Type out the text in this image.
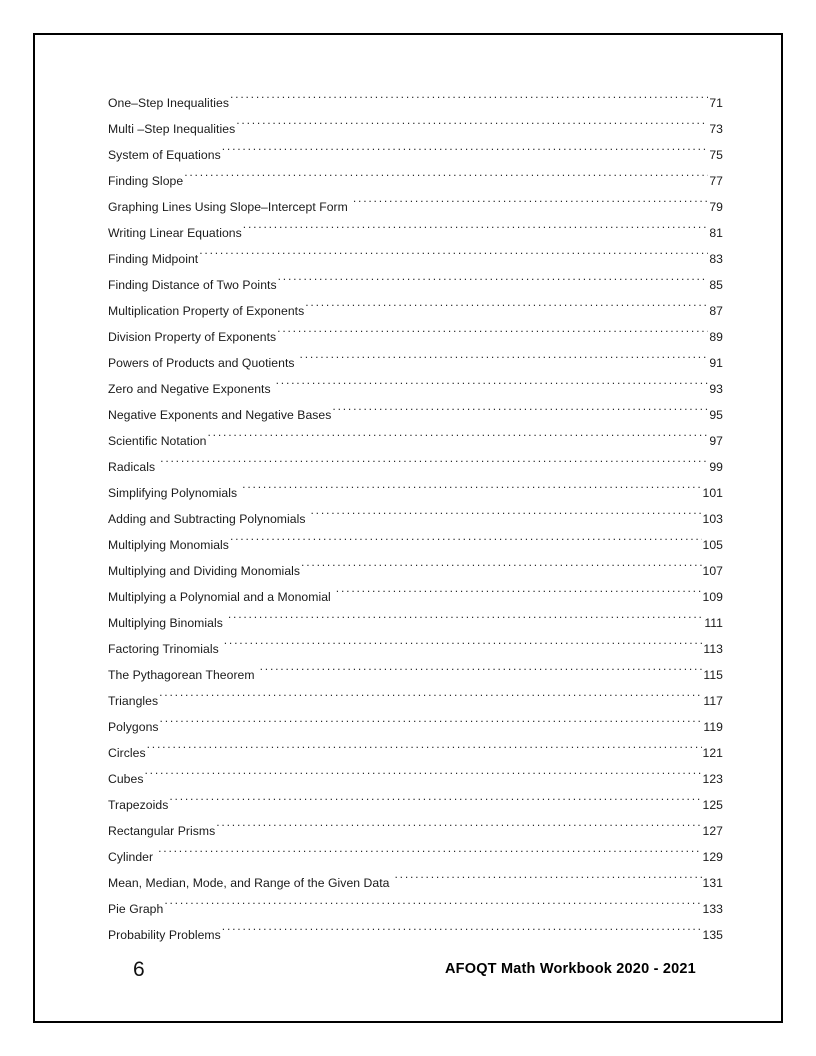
One–Step Inequalities . . .	71
Multi –Step Inequalities . . .	73
System of Equations . . .	75
Finding Slope . . .	77
Graphing Lines Using Slope–Intercept Form . . .	79
Writing Linear Equations . . .	81
Finding Midpoint . . .	83
Finding Distance of Two Points . . .	85
Multiplication Property of Exponents . . .	87
Division Property of Exponents . . .	89
Powers of Products and Quotients . . .	91
Zero and Negative Exponents . . .	93
Negative Exponents and Negative Bases . . .	95
Scientific Notation . . .	97
Radicals . . .	99
Simplifying Polynomials . . .	101
Adding and Subtracting Polynomials . . .	103
Multiplying Monomials . . .	105
Multiplying and Dividing Monomials . . .	107
Multiplying a Polynomial and a Monomial . . .	109
Multiplying Binomials . . .	111
Factoring Trinomials . . .	113
The Pythagorean Theorem . . .	115
Triangles . . .	117
Polygons . . .	119
Circles . . .	121
Cubes . . .	123
Trapezoids . . .	125
Rectangular Prisms . . .	127
Cylinder . . .	129
Mean, Median, Mode, and Range of the Given Data . . .	131
Pie Graph . . .	133
Probability Problems . . .	135
6	AFOQT Math Workbook 2020 - 2021
